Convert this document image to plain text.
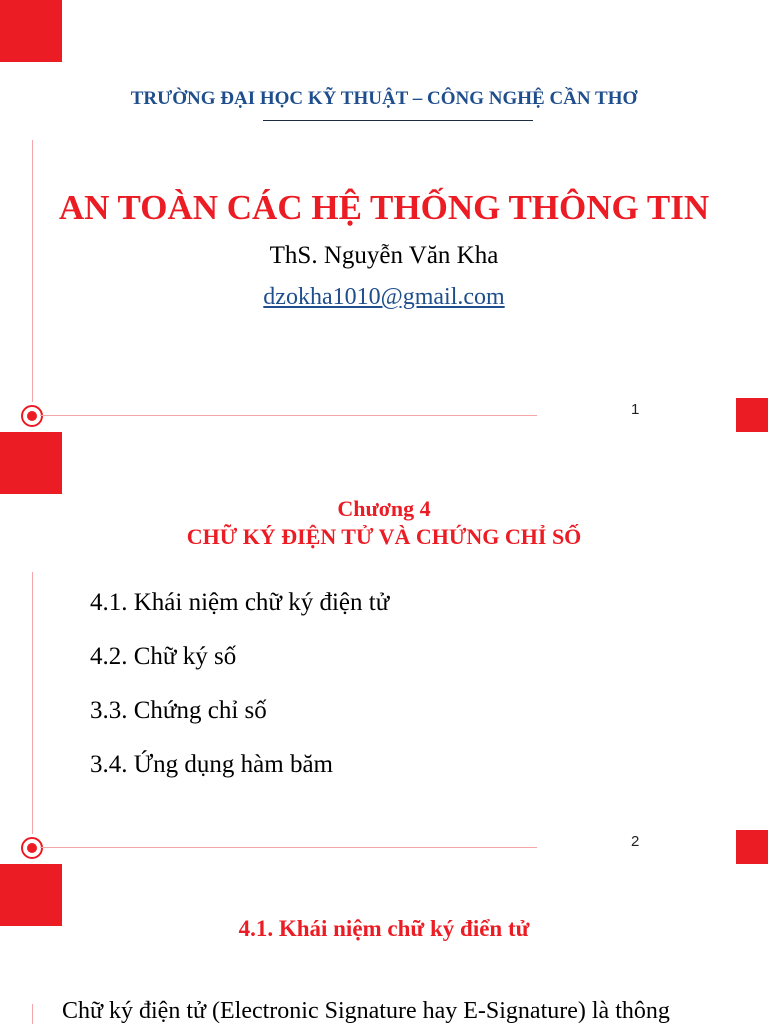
TRƯỜNG ĐẠI HỌC KỸ THUẬT – CÔNG NGHỆ CẦN THƠ
AN TOÀN CÁC HỆ THỐNG THÔNG TIN
ThS. Nguyễn Văn Kha
dzokha1010@gmail.com
1
Chương 4
CHỮ KÝ ĐIỆN TỬ VÀ CHỨNG CHỈ SỐ
4.1. Khái niệm chữ ký điện tử
4.2. Chữ ký số
3.3. Chứng chỉ số
3.4. Ứng dụng hàm băm
2
4.1. Khái niệm chữ ký điển tử
Chữ ký điện tử (Electronic Signature hay E-Signature) là thông
